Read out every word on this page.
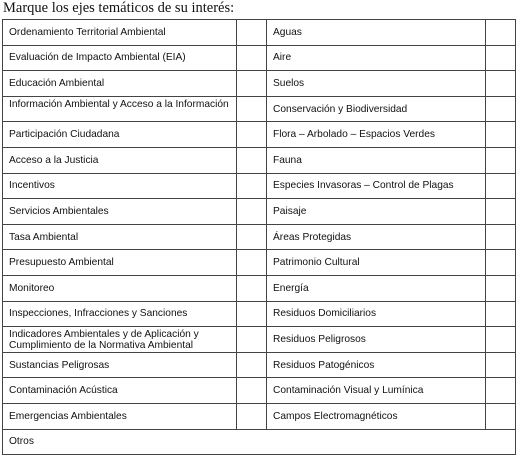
Marque los ejes temáticos de su interés:
Ordenamiento Territorial Ambiental		Aguas	
Evaluación de Impacto Ambiental (EIA)		Aire	
Educación Ambiental		Suelos	
Información Ambiental y Acceso a la Información		Conservación y Biodiversidad	
Participación Ciudadana		Flora – Arbolado – Espacios Verdes	
Acceso a la Justicia		Fauna	
Incentivos		Especies Invasoras – Control de Plagas	
Servicios Ambientales		Paisaje	
Tasa Ambiental		Áreas Protegidas	
Presupuesto Ambiental		Patrimonio Cultural	
Monitoreo		Energía	
Inspecciones, Infracciones y Sanciones		Residuos Domiciliarios	
Indicadores Ambientales y de Aplicación y Cumplimiento de la Normativa Ambiental		Residuos Peligrosos	
Sustancias Peligrosas		Residuos Patogénicos	
Contaminación Acústica		Contaminación Visual y Lumínica	
Emergencias Ambientales		Campos Electromagnéticos	
Otros			
